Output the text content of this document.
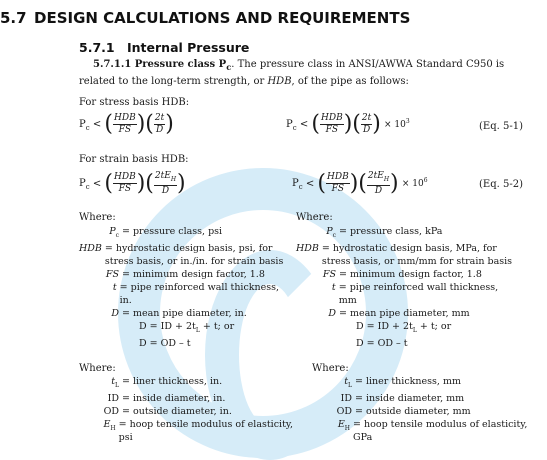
5.7 DESIGN CALCULATIONS AND REQUIREMENTS
5.7.1 Internal Pressure
5.7.1.1 Pressure class $P_c$. The pressure class in ANSI/AWWA Standard C950 is related to the long-term strength, or HDB, of the pipe as follows:
For stress basis HDB:
$P_c$ < ( $\frac{\text{HDB}}{FS}$ )( $\frac{2t}{D}$ )	$P_c$ < ( $\frac{\text{HDB}}{FS}$ )( $\frac{2t}{D}$ ) × $10^3$	(Eq. 5-1)
For strain basis HDB:
$P_c$ < ( $\frac{\text{HDB}}{FS}$ )( $\frac{2tE_H}{D}$ )	$P_c$ < ( $\frac{\text{HDB}}{FS}$ )( $\frac{2tE_H}{D}$ ) × $10^6$	(Eq. 5-2)
Where:
$P_c$ = pressure class, psi
HDB = hydrostatic design basis, psi, for stress basis, or in./in. for strain basis
FS = minimum design factor, 1.8
t = pipe reinforced wall thickness, in.
D = mean pipe diameter, in.
D = ID + $2t_L + t$; or
D = OD – t
Where:
$P_c$ = pressure class, kPa
HDB = hydrostatic design basis, MPa, for stress basis, or mm/mm for strain basis
FS = minimum design factor, 1.8
t = pipe reinforced wall thickness, mm
D = mean pipe diameter, mm
D = ID + $2t_L + t$; or
D = OD – t
Where:
$t_L$ = liner thickness, in.
ID = inside diameter, in.
OD = outside diameter, in.
$E_H$ = hoop tensile modulus of elasticity, psi
Where:
$t_L$ = liner thickness, mm
ID = inside diameter, mm
OD = outside diameter, mm
$E_H$ = hoop tensile modulus of elasticity, GPa
